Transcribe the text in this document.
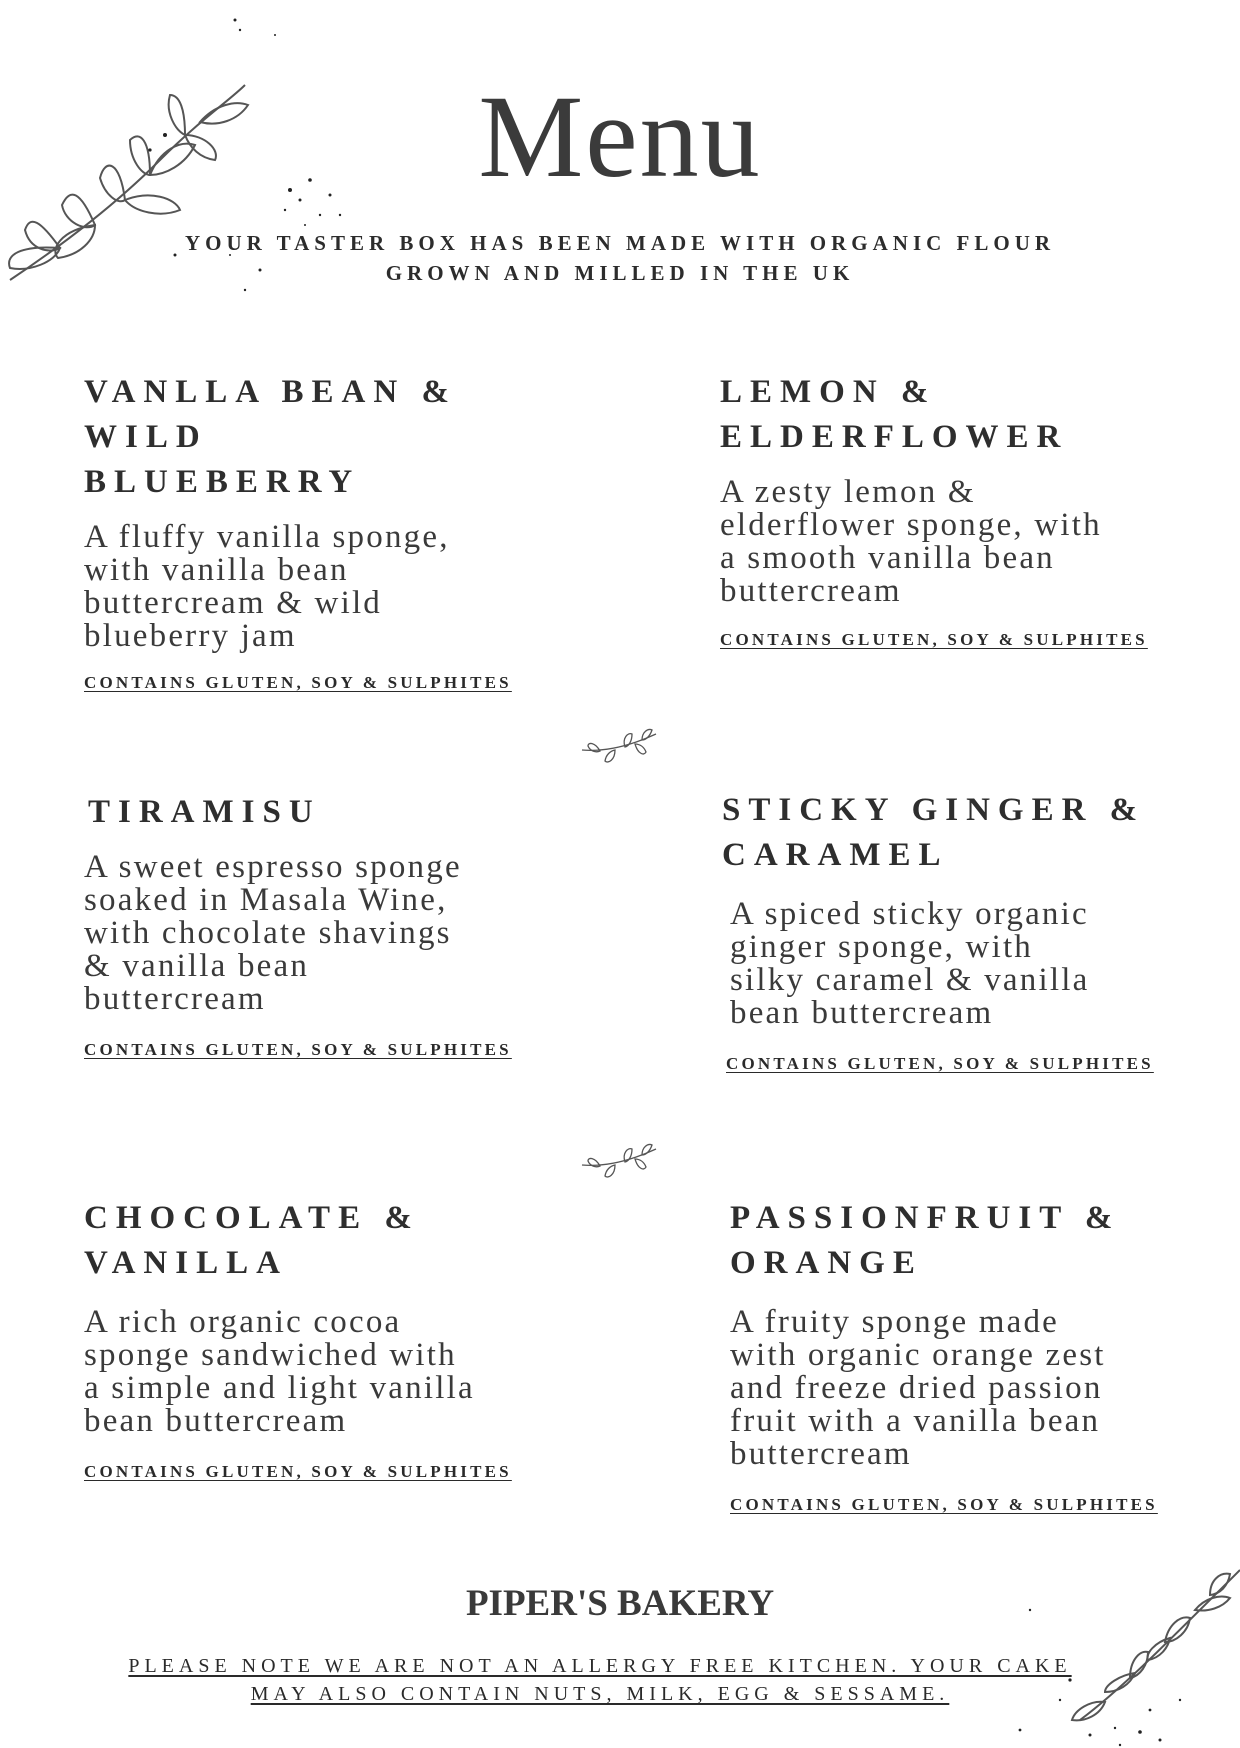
Menu
YOUR TASTER BOX HAS BEEN MADE WITH ORGANIC FLOUR
GROWN AND MILLED IN THE UK
VANLLA BEAN &
WILD
BLUEBERRY
A fluffy vanilla sponge,
with vanilla bean
buttercream & wild
blueberry jam
CONTAINS GLUTEN, SOY & SULPHITES
LEMON &
ELDERFLOWER
A zesty lemon &
elderflower sponge, with
a smooth vanilla bean
buttercream
CONTAINS GLUTEN, SOY & SULPHITES
TIRAMISU
A sweet espresso sponge
soaked in Masala Wine,
with chocolate shavings
& vanilla bean
buttercream
CONTAINS GLUTEN, SOY & SULPHITES
STICKY GINGER &
CARAMEL
A spiced sticky organic
ginger sponge, with
silky caramel & vanilla
bean buttercream
CONTAINS GLUTEN, SOY & SULPHITES
CHOCOLATE &
VANILLA
A rich organic cocoa
sponge sandwiched with
a simple and light vanilla
bean buttercream
CONTAINS GLUTEN, SOY & SULPHITES
PASSIONFRUIT &
ORANGE
A fruity sponge made
with organic orange zest
and freeze dried passion
fruit with a vanilla bean
buttercream
CONTAINS GLUTEN, SOY & SULPHITES
PIPER'S BAKERY
PLEASE NOTE WE ARE NOT AN ALLERGY FREE KITCHEN. YOUR CAKE
MAY ALSO CONTAIN NUTS, MILK, EGG & SESSAME.
